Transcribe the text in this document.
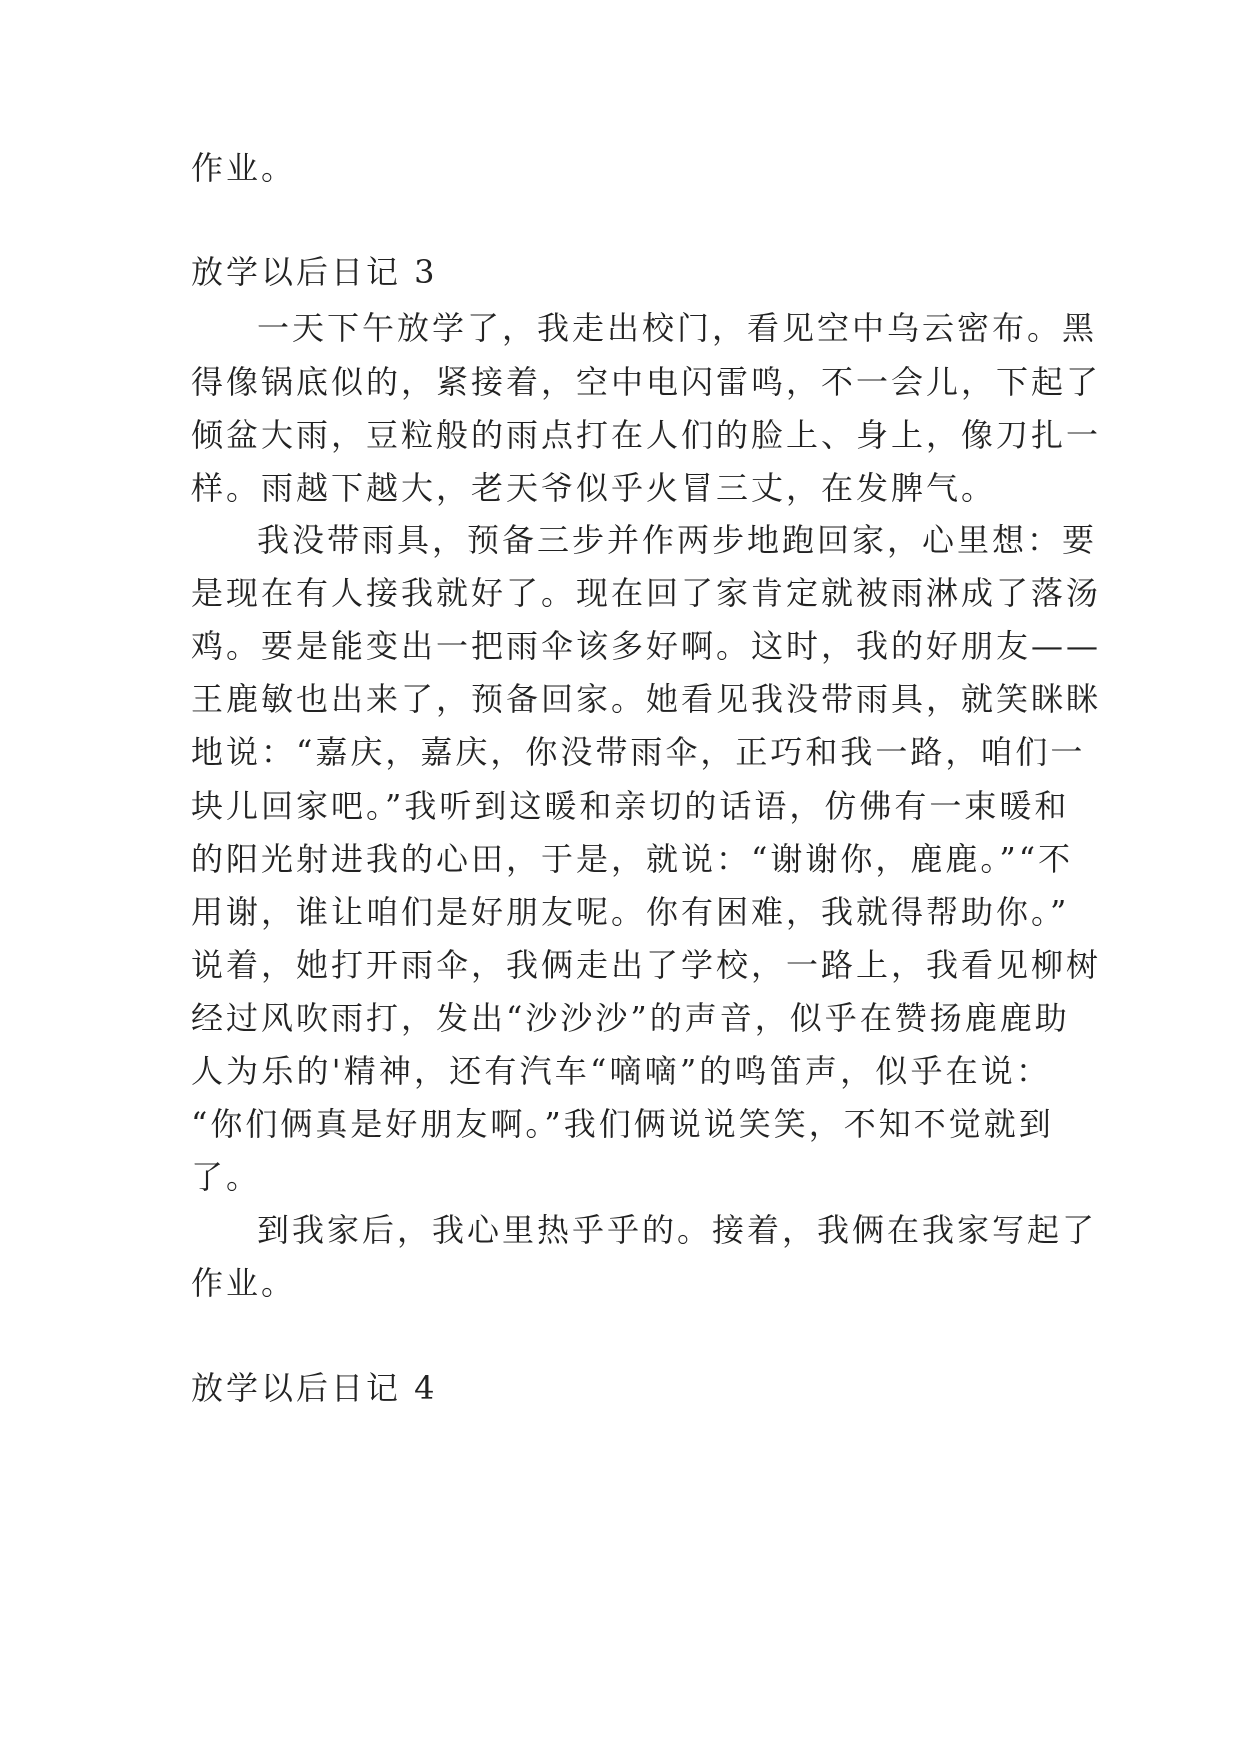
作业。
放学以后日记 3
一天下午放学了，我走出校门，看见空中乌云密布。黑
得像锅底似的，紧接着，空中电闪雷鸣，不一会儿，下起了
倾盆大雨，豆粒般的雨点打在人们的脸上、身上，像刀扎一
样。雨越下越大，老天爷似乎火冒三丈，在发脾气。
我没带雨具，预备三步并作两步地跑回家，心里想：要
是现在有人接我就好了。现在回了家肯定就被雨淋成了落汤
鸡。要是能变出一把雨伞该多好啊。这时，我的好朋友——
王鹿敏也出来了，预备回家。她看见我没带雨具，就笑眯眯
地说：“嘉庆，嘉庆，你没带雨伞，正巧和我一路，咱们一
块儿回家吧。”我听到这暖和亲切的话语，仿佛有一束暖和
的阳光射进我的心田，于是，就说：“谢谢你，鹿鹿。”“不
用谢，谁让咱们是好朋友呢。你有困难，我就得帮助你。”
说着，她打开雨伞，我俩走出了学校，一路上，我看见柳树
经过风吹雨打，发出“沙沙沙”的声音，似乎在赞扬鹿鹿助
人为乐的'精神，还有汽车“嘀嘀”的鸣笛声，似乎在说：
“你们俩真是好朋友啊。”我们俩说说笑笑，不知不觉就到
了。
到我家后，我心里热乎乎的。接着，我俩在我家写起了
作业。
放学以后日记 4
